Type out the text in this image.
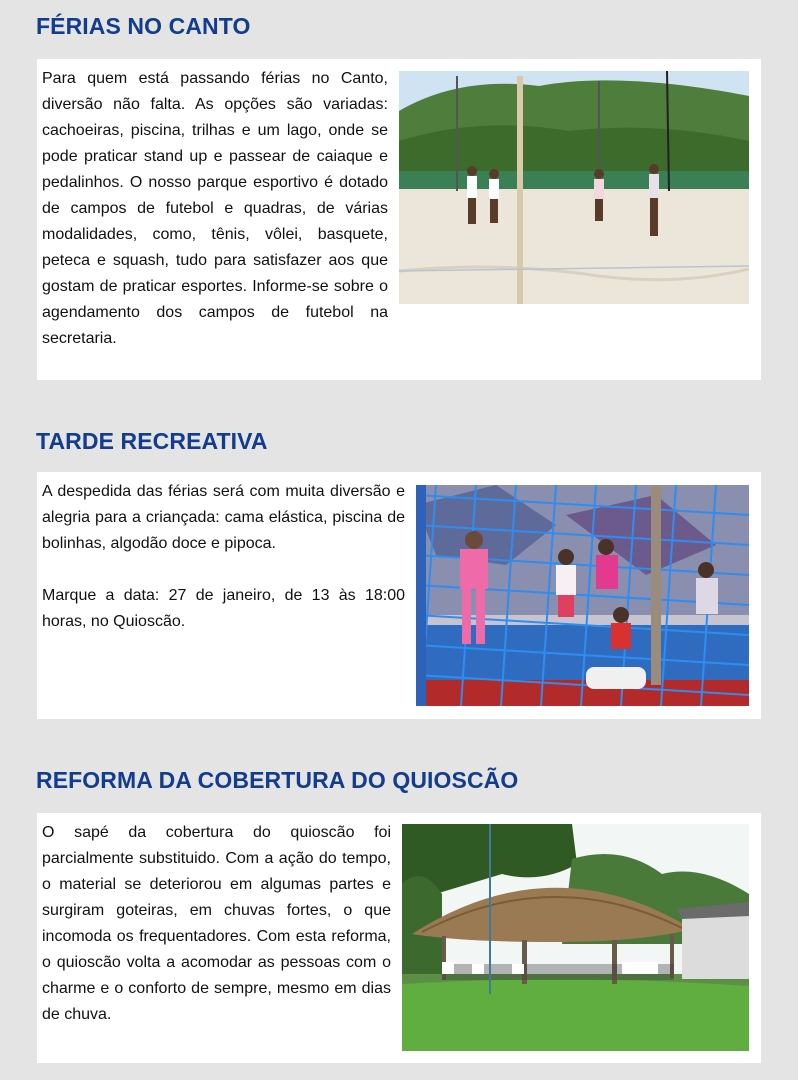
FÉRIAS NO CANTO

Para quem está passando férias no Canto, diversão não falta. As opções são variadas: cachoeiras, piscina, trilhas e um lago, onde se pode praticar stand up e passear de caiaque e pedalinhos. O nosso parque esportivo é dotado de campos de futebol e quadras, de várias modalidades, como, tênis, vôlei, basquete, peteca e squash, tudo para satisfazer aos que gostam de praticar esportes. Informe-se sobre o agendamento dos campos de futebol na secretaria.

TARDE RECREATIVA

A despedida das férias será com muita diversão e alegria para a criançada: cama elástica, piscina de bolinhas, algodão doce e pipoca.

Marque a data: 27 de janeiro, de 13 às 18:00 horas, no Quioscão.

REFORMA DA COBERTURA DO QUIOSCÃO

O sapé da cobertura do quioscão foi parcialmente substituido. Com a ação do tempo, o material se deteriorou em algumas partes e surgiram goteiras, em chuvas fortes, o que incomoda os frequentadores. Com esta reforma, o quioscão volta a acomodar as pessoas com o charme e o conforto de sempre, mesmo em dias de chuva.
